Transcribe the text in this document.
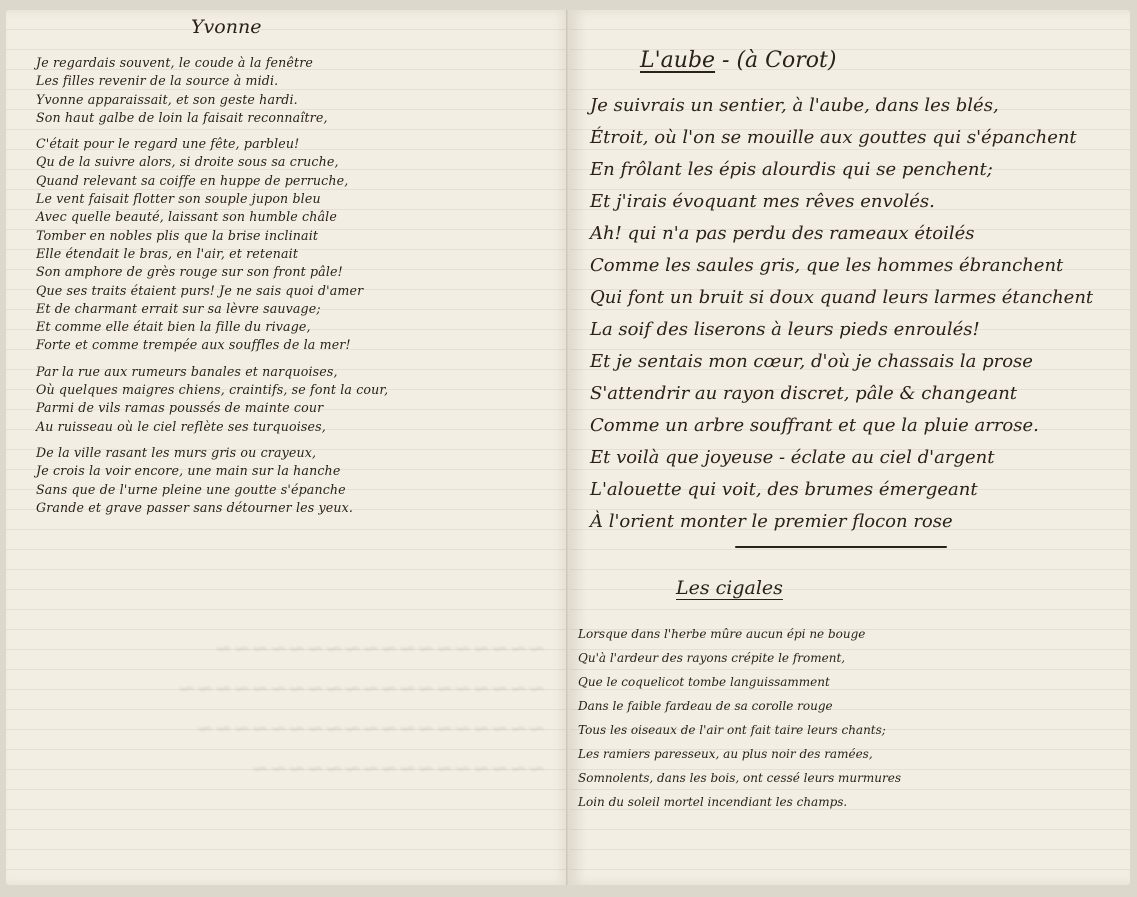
Yvonne
Je regardais souvent, le coude à la fenêtre
Les filles revenir de la source à midi.
Yvonne apparaissait, et son geste hardi.
Son haut galbe de loin la faisait reconnaître,
C'était pour le regard une fête, parbleu!
Qu de la suivre alors, si droite sous sa cruche,
Quand relevant sa coiffe en huppe de perruche,
Le vent faisait flotter son souple jupon bleu
Avec quelle beauté, laissant son humble châle
Tomber en nobles plis que la brise inclinait
Elle étendait le bras, en l'air, et retenait
Son amphore de grès rouge sur son front pâle!
Que ses traits étaient purs! Je ne sais quoi d'amer
Et de charmant errait sur sa lèvre sauvage;
Et comme elle était bien la fille du rivage,
Forte et comme trempée aux souffles de la mer!
Par la rue aux rumeurs banales et narquoises,
Où quelques maigres chiens, craintifs, se font la cour,
Parmi de vils ramas poussés de mainte cour
Au ruisseau où le ciel reflète ses turquoises,
De la ville rasant les murs gris ou crayeux,
Je crois la voir encore, une main sur la hanche
Sans que de l'urne pleine une goutte s'épanche
Grande et grave passer sans détourner les yeux.
~~~~~~~~~~~~~~~~~~
~~~~~~~~~~~~~~~~~~~~
~~~~~~~~~~~~~~~~~~~
~~~~~~~~~~~~~~~~
L'aube - (à Corot)
Je suivrais un sentier, à l'aube, dans les blés,
Étroit, où l'on se mouille aux gouttes qui s'épanchent
En frôlant les épis alourdis qui se penchent;
Et j'irais évoquant mes rêves envolés.
Ah! qui n'a pas perdu des rameaux étoilés
Comme les saules gris, que les hommes ébranchent
Qui font un bruit si doux quand leurs larmes étanchent
La soif des liserons à leurs pieds enroulés!
Et je sentais mon cœur, d'où je chassais la prose
S'attendrir au rayon discret, pâle & changeant
Comme un arbre souffrant et que la pluie arrose.
Et voilà que joyeuse - éclate au ciel d'argent
L'alouette qui voit, des brumes émergeant
À l'orient monter le premier flocon rose
Les cigales
Lorsque dans l'herbe mûre aucun épi ne bouge
Qu'à l'ardeur des rayons crépite le froment,
Que le coquelicot tombe languissamment
Dans le faible fardeau de sa corolle rouge
Tous les oiseaux de l'air ont fait taire leurs chants;
Les ramiers paresseux, au plus noir des ramées,
Somnolents, dans les bois, ont cessé leurs murmures
Loin du soleil mortel incendiant les champs.
